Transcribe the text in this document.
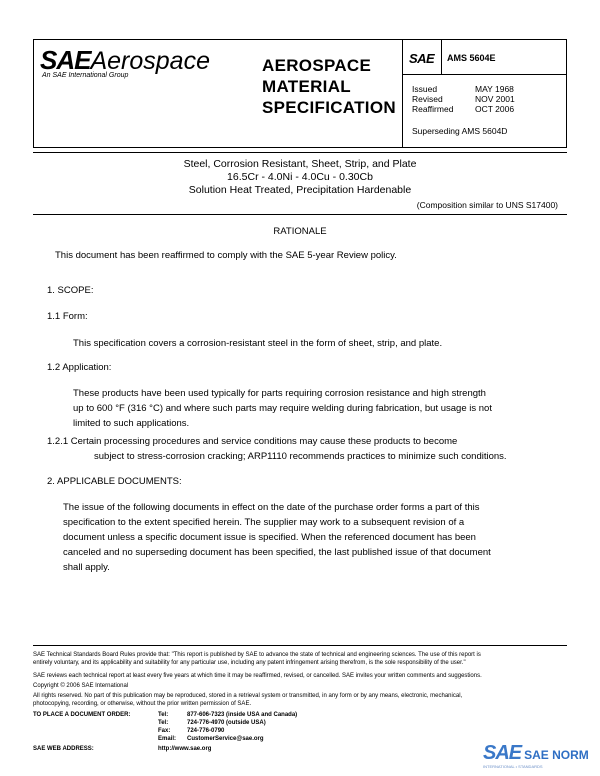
SAEAerospace
An SAE International Group
AEROSPACE
MATERIAL
SPECIFICATION
SAE AMS 5604E
Issued	MAY 1968
Revised	NOV 2001
Reaffirmed	OCT 2006
Superseding AMS 5604D
Steel, Corrosion Resistant, Sheet, Strip, and Plate
16.5Cr - 4.0Ni - 4.0Cu - 0.30Cb
Solution Heat Treated, Precipitation Hardenable
(Composition similar to UNS S17400)
RATIONALE
This document has been reaffirmed to comply with the SAE 5-year Review policy.
1. SCOPE:
1.1 Form:
This specification covers a corrosion-resistant steel in the form of sheet, strip, and plate.
1.2 Application:
These products have been used typically for parts requiring corrosion resistance and high strength
up to 600 °F (316 °C) and where such parts may require welding during fabrication, but usage is not
limited to such applications.
1.2.1 Certain processing procedures and service conditions may cause these products to become
subject to stress-corrosion cracking; ARP1110 recommends practices to minimize such conditions.
2. APPLICABLE DOCUMENTS:
The issue of the following documents in effect on the date of the purchase order forms a part of this
specification to the extent specified herein. The supplier may work to a subsequent revision of a
document unless a specific document issue is specified. When the referenced document has been
canceled and no superseding document has been specified, the last published issue of that document
shall apply.
SAE Technical Standards Board Rules provide that: "This report is published by SAE to advance the state of technical and engineering sciences. The use of this report is
entirely voluntary, and its applicability and suitability for any particular use, including any patent infringement arising therefrom, is the sole responsibility of the user."
SAE reviews each technical report at least every five years at which time it may be reaffirmed, revised, or cancelled. SAE invites your written comments and suggestions.
Copyright © 2006 SAE International
All rights reserved. No part of this publication may be reproduced, stored in a retrieval system or transmitted, in any form or by any means, electronic, mechanical,
photocopying, recording, or otherwise, without the prior written permission of SAE.
TO PLACE A DOCUMENT ORDER:	Tel:	877-606-7323 (inside USA and Canada)
Tel:	724-776-4970 (outside USA)
Fax:	724-776-0790
Email: CustomerService@sae.org
SAE WEB ADDRESS:	http://www.sae.org	SAE SAE NORM
INTERNATIONAL • STANDARDS
